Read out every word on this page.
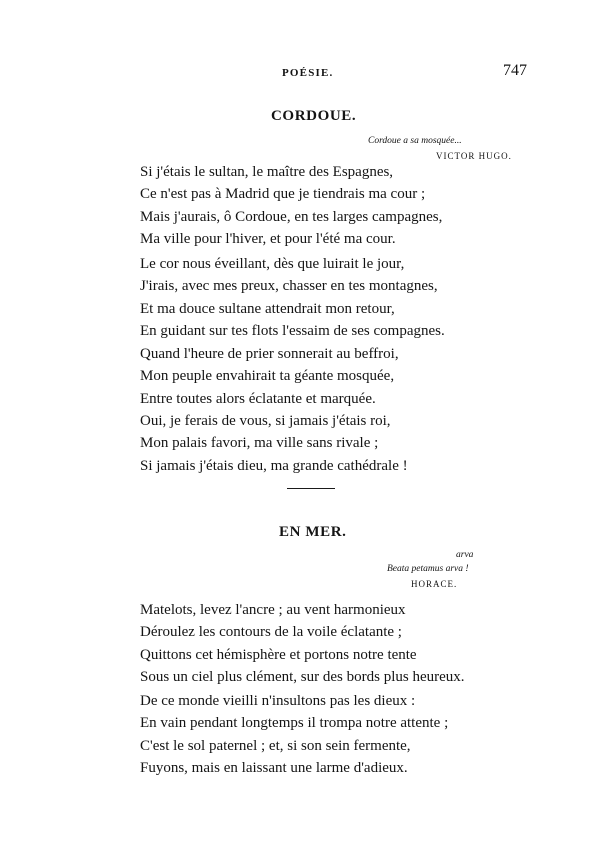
POÉSIE.	747
CORDOUE.
Cordoue a sa mosquée...
VICTOR HUGO.
Si j'étais le sultan, le maître des Espagnes,
Ce n'est pas à Madrid que je tiendrais ma cour ;
Mais j'aurais, ô Cordoue, en tes larges campagnes,
Ma ville pour l'hiver, et pour l'été ma cour.
Le cor nous éveillant, dès que luirait le jour,
J'irais, avec mes preux, chasser en tes montagnes,
Et ma douce sultane attendrait mon retour,
En guidant sur tes flots l'essaim de ses compagnes.
Quand l'heure de prier sonnerait au beffroi,
Mon peuple envahirait ta géante mosquée,
Entre toutes alors éclatante et marquée.
Oui, je ferais de vous, si jamais j'étais roi,
Mon palais favori, ma ville sans rivale ;
Si jamais j'étais dieu, ma grande cathédrale !
EN MER.
arva
Beata petamus arva !
HORACE.
Matelots, levez l'ancre ; au vent harmonieux
Déroulez les contours de la voile éclatante ;
Quittons cet hémisphère et portons notre tente
Sous un ciel plus clément, sur des bords plus heureux.
De ce monde vieilli n'insultons pas les dieux :
En vain pendant longtemps il trompa notre attente ;
C'est le sol paternel ; et, si son sein fermente,
Fuyons, mais en laissant une larme d'adieux.
